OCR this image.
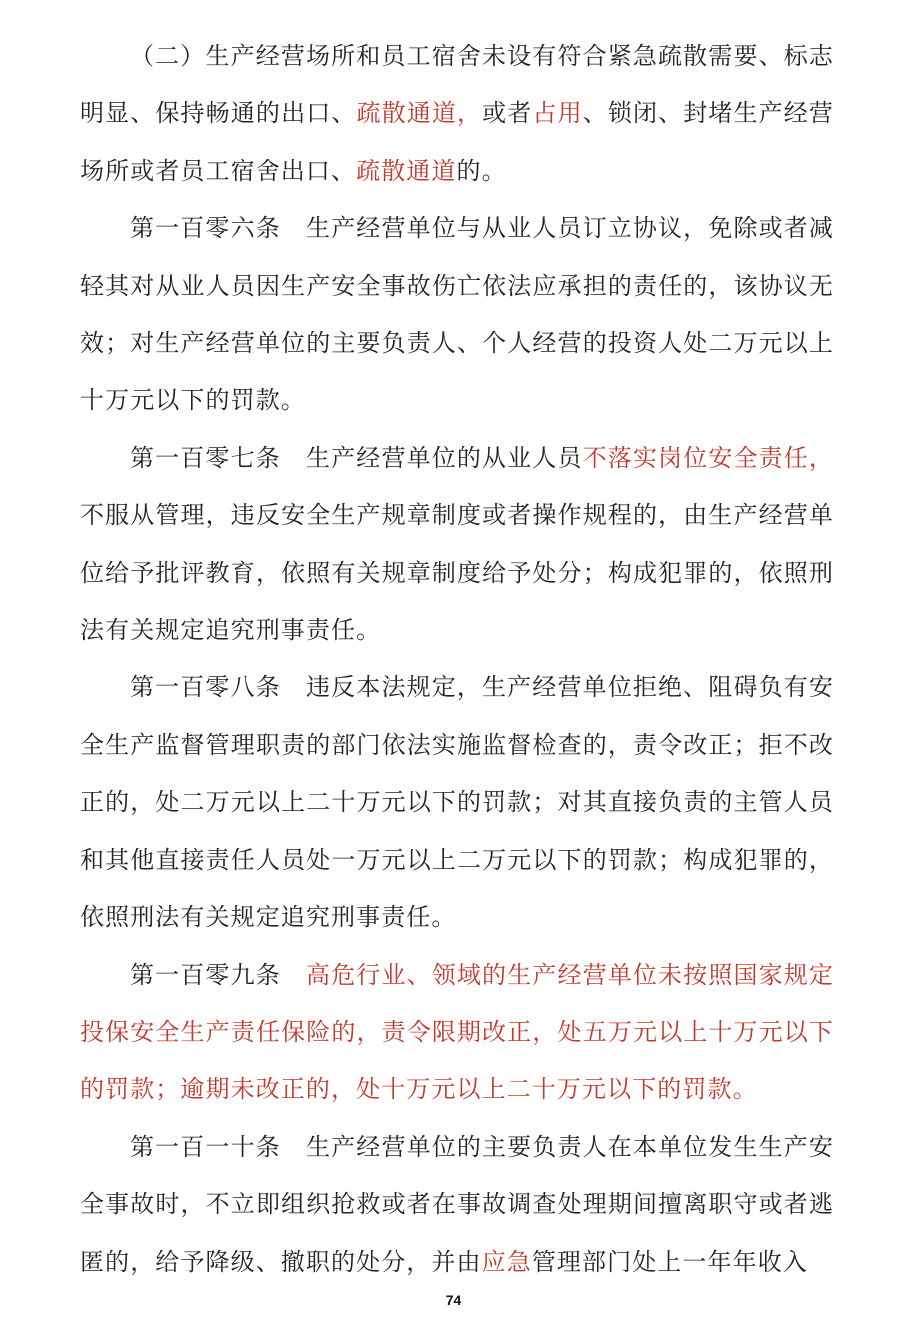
（二）生产经营场所和员工宿舍未设有符合紧急疏散需要、标志明显、保持畅通的出口、疏散通道，或者占用、锁闭、封堵生产经营场所或者员工宿舍出口、疏散通道的。

第一百零六条　生产经营单位与从业人员订立协议，免除或者减轻其对从业人员因生产安全事故伤亡依法应承担的责任的，该协议无效；对生产经营单位的主要负责人、个人经营的投资人处二万元以上十万元以下的罚款。

第一百零七条　生产经营单位的从业人员不落实岗位安全责任，不服从管理，违反安全生产规章制度或者操作规程的，由生产经营单位给予批评教育，依照有关规章制度给予处分；构成犯罪的，依照刑法有关规定追究刑事责任。

第一百零八条　违反本法规定，生产经营单位拒绝、阻碍负有安全生产监督管理职责的部门依法实施监督检查的，责令改正；拒不改正的，处二万元以上二十万元以下的罚款；对其直接负责的主管人员和其他直接责任人员处一万元以上二万元以下的罚款；构成犯罪的，依照刑法有关规定追究刑事责任。

第一百零九条　高危行业、领域的生产经营单位未按照国家规定投保安全生产责任保险的，责令限期改正，处五万元以上十万元以下的罚款；逾期未改正的，处十万元以上二十万元以下的罚款。

第一百一十条　生产经营单位的主要负责人在本单位发生生产安全事故时，不立即组织抢救或者在事故调查处理期间擅离职守或者逃匿的，给予降级、撤职的处分，并由应急管理部门处上一年年收入

74
